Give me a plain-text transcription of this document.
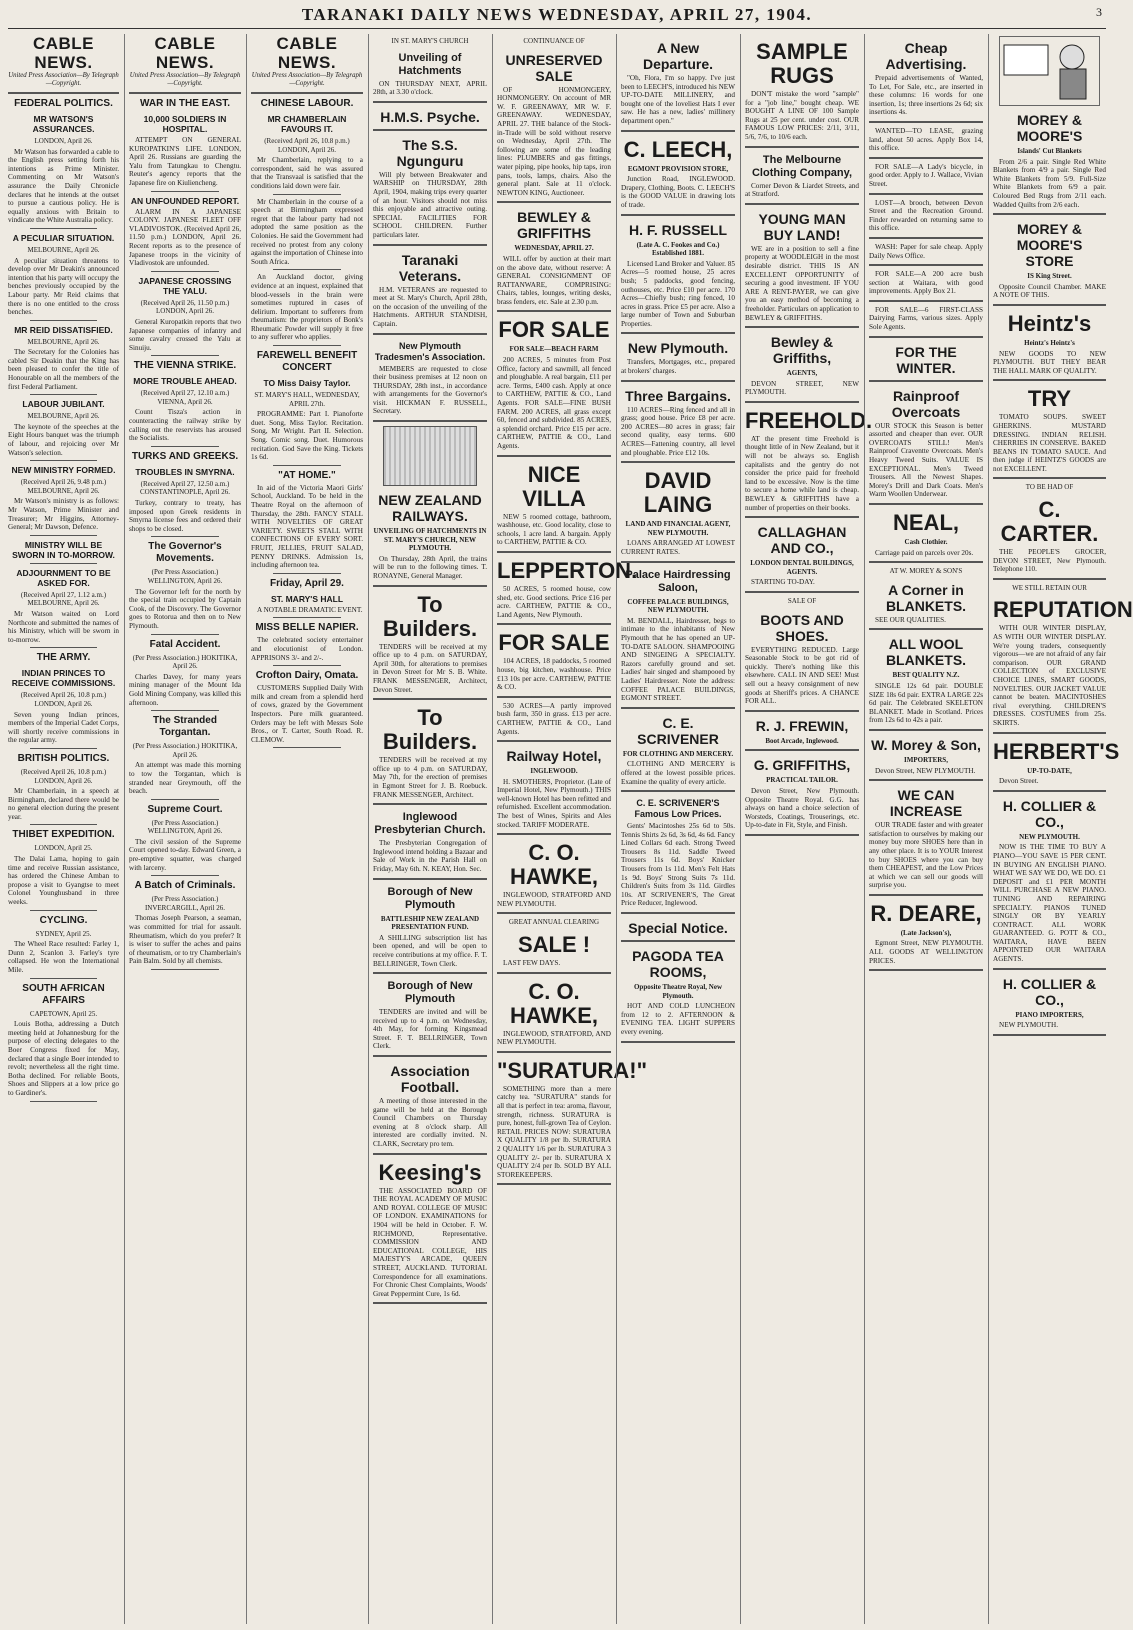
TARANAKI DAILY NEWS WEDNESDAY, APRIL 27, 1904.	3
CABLE NEWS.
United Press Association—By Telegraph—Copyright.
FEDERAL POLITICS.
MR WATSON'S ASSURANCES.
LONDON, April 26.
Mr Watson has forwarded a cable to the English press setting forth his intentions as Prime Minister. Commenting on Mr Watson's assurance the Daily Chronicle declares that he intends at the outset to pursue a cautious policy. He is equally anxious with Britain to vindicate the White Australia policy.
A PECULIAR SITUATION.
MELBOURNE, April 26.
A peculiar situation threatens to develop over Mr Deakin's announced intention that his party will occupy the benches previously occupied by the Labour party. Mr Reid claims that there is no one entitled to the cross benches.
MR REID DISSATISFIED.
MELBOURNE, April 26.
The Secretary for the Colonies has cabled Sir Deakin that the King has been pleased to confer the title of Honourable on all the members of the first Federal Parliament.
LABOUR JUBILANT.
MELBOURNE, April 26.
The keynote of the speeches at the Eight Hours banquet was the triumph of labour, and rejoicing over Mr Watson's selection.
NEW MINISTRY FORMED.
(Received April 26, 9.48 p.m.) MELBOURNE, April 26.
Mr Watson's ministry is as follows: Mr Watson, Prime Minister and Treasurer; Mr Higgins, Attorney-General; Mr Dawson, Defence.
MINISTRY WILL BE SWORN IN TO-MORROW.
ADJOURNMENT TO BE ASKED FOR.
(Received April 27, 1.12 a.m.) MELBOURNE, April 26.
Mr Watson waited on Lord Northcote and submitted the names of his Ministry, which will be sworn in to-morrow.
THE ARMY.
INDIAN PRINCES TO RECEIVE COMMISSIONS.
(Received April 26, 10.8 p.m.) LONDON, April 26.
Seven young Indian princes, members of the Imperial Cadet Corps, will shortly receive commissions in the regular army.
BRITISH POLITICS.
(Received April 26, 10.8 p.m.) LONDON, April 26.
Mr Chamberlain, in a speech at Birmingham, declared there would be no general election during the present year.
THIBET EXPEDITION.
LONDON, April 25.
The Dalai Lama, hoping to gain time and receive Russian assistance, has ordered the Chinese Amban to propose a visit to Gyangtse to meet Colonel Younghusband in three weeks.
CYCLING.
SYDNEY, April 25.
The Wheel Race resulted: Farley 1, Dunn 2, Scanlon 3. Farley's tyre collapsed. He won the International Mile.
SOUTH AFRICAN AFFAIRS
CAPETOWN, April 25.
Louis Botha, addressing a Dutch meeting held at Johannesburg for the purpose of electing delegates to the Boer Congress fixed for May, declared that a single Boer intended to revolt; nevertheless all the right time. Botha declined. For reliable Boots, Shoes and Slippers at a low price go to Gardiner's.
CABLE NEWS.
United Press Association—By Telegraph—Copyright.
WAR IN THE EAST.
10,000 SOLDIERS IN HOSPITAL.
ATTEMPT ON GENERAL KUROPATKIN'S LIFE. LONDON, April 26. Russians are guarding the Yalu from Tatungkau to Chengtu. Reuter's agency reports that the Japanese fire on Kiuliencheng.
AN UNFOUNDED REPORT.
ALARM IN A JAPANESE COLONY. JAPANESE FLEET OFF VLADIVOSTOK. (Received April 26, 11.50 p.m.) LONDON, April 26. Recent reports as to the presence of Japanese troops in the vicinity of Vladivostok are unfounded.
JAPANESE CROSSING THE YALU.
(Received April 26, 11.50 p.m.) LONDON, April 26.
General Kuropatkin reports that two Japanese companies of infantry and some cavalry crossed the Yalu at Sinuiju.
THE VIENNA STRIKE.
MORE TROUBLE AHEAD.
(Received April 27, 12.10 a.m.) VIENNA, April 26.
Count Tisza's action in counteracting the railway strike by calling out the reservists has aroused the Socialists.
TURKS AND GREEKS.
TROUBLES IN SMYRNA.
(Received April 27, 12.50 a.m.) CONSTANTINOPLE, April 26.
Turkey, contrary to treaty, has imposed upon Greek residents in Smyrna license fees and ordered their shops to be closed.
The Governor's Movements.
(Per Press Association.) WELLINGTON, April 26.
The Governor left for the north by the special train occupied by Captain Cook, of the Discovery. The Governor goes to Rotorua and then on to New Plymouth.
Fatal Accident.
(Per Press Association.) HOKITIKA, April 26.
Charles Davey, for many years mining manager of the Mount Ida Gold Mining Company, was killed this afternoon.
The Stranded Torgantan.
(Per Press Association.) HOKITIKA, April 26.
An attempt was made this morning to tow the Torgantan, which is stranded near Greymouth, off the beach.
Supreme Court.
(Per Press Association.) WELLINGTON, April 26.
The civil session of the Supreme Court opened to-day. Edward Green, a pre-emptive squatter, was charged with larceny.
A Batch of Criminals.
(Per Press Association.) INVERCARGILL, April 26.
Thomas Joseph Pearson, a seaman, was committed for trial for assault. Rheumatism, which do you prefer? It is wiser to suffer the aches and pains of rheumatism, or to try Chamberlain's Pain Balm. Sold by all chemists.
CABLE NEWS.
United Press Association—By Telegraph—Copyright.
CHINESE LABOUR.
MR CHAMBERLAIN FAVOURS IT.
(Received April 26, 10.8 p.m.) LONDON, April 26.
Mr Chamberlain, replying to a correspondent, said he was assured that the Transvaal is satisfied that the conditions laid down were fair.
Mr Chamberlain in the course of a speech at Birmingham expressed regret that the labour party had not adopted the same position as the Colonies. He said the Government had received no protest from any colony against the importation of Chinese into South Africa.
An Auckland doctor, giving evidence at an inquest, explained that blood-vessels in the brain were sometimes ruptured in cases of delirium. Important to sufferers from rheumatism: the proprietors of Bonk's Rheumatic Powder will supply it free to any sufferer who applies.
FAREWELL BENEFIT CONCERT
TO Miss Daisy Taylor.
ST. MARY'S HALL, WEDNESDAY, APRIL 27th.
PROGRAMME: Part I. Pianoforte duet. Song, Miss Taylor. Recitation. Song, Mr Wright. Part II. Selection. Song. Comic song. Duet. Humorous recitation. God Save the King. Tickets 1s 6d.
"AT HOME."
In aid of the Victoria Maori Girls' School, Auckland. To be held in the Theatre Royal on the afternoon of Thursday, the 28th. FANCY STALL WITH NOVELTIES OF GREAT VARIETY. SWEETS STALL WITH CONFECTIONS OF EVERY SORT. FRUIT, JELLIES, FRUIT SALAD, PENNY DRINKS. Admission 1s, including afternoon tea.
Friday, April 29.
ST. MARY'S HALL
A NOTABLE DRAMATIC EVENT.
MISS BELLE NAPIER.
The celebrated society entertainer and elocutionist of London. APPRISONS 3/- and 2/-.
Crofton Dairy, Omata.
CUSTOMERS Supplied Daily With milk and cream from a splendid herd of cows, grazed by the Government Inspectors. Pure milk guaranteed. Orders may be left with Messrs Sole Bros., or T. Carter, South Road. R. CLEMOW.
IN ST. MARY'S CHURCH
Unveiling of Hatchments
ON THURSDAY NEXT, APRIL 28th, at 3.30 o'clock.
H.M.S. Psyche.
The S.S. Ngunguru
Will ply between Breakwater and WARSHIP on THURSDAY, 28th April, 1904, making trips every quarter of an hour. Visitors should not miss this enjoyable and attractive outing. SPECIAL FACILITIES FOR SCHOOL CHILDREN. Further particulars later.
Taranaki Veterans.
H.M. VETERANS are requested to meet at St. Mary's Church, April 28th, on the occasion of the unveiling of the Hatchments. ARTHUR STANDISH, Captain.
New Plymouth Tradesmen's Association.
MEMBERS are requested to close their business premises at 12 noon on THURSDAY, 28th inst., in accordance with arrangements for the Governor's visit. HICKMAN F. RUSSELL, Secretary.
NEW ZEALAND RAILWAYS.
UNVEILING OF HATCHMENTS IN ST. MARY'S CHURCH, NEW PLYMOUTH.
On Thursday, 28th April, the trains will be run to the following times. T. RONAYNE, General Manager.
To Builders.
TENDERS will be received at my office up to 4 p.m. on SATURDAY, April 30th, for alterations to premises in Devon Street for Mr S. B. White. FRANK MESSENGER, Architect, Devon Street.
To Builders.
TENDERS will be received at my office up to 4 p.m. on SATURDAY, May 7th, for the erection of premises in Egmont Street for J. B. Roebuck. FRANK MESSENGER, Architect.
Inglewood Presbyterian Church.
The Presbyterian Congregation of Inglewood intend holding a Bazaar and Sale of Work in the Parish Hall on Friday, May 6th. N. KEAY, Hon. Sec.
Borough of New Plymouth
BATTLESHIP NEW ZEALAND PRESENTATION FUND.
A SHILLING subscription list has been opened, and will be open to receive contributions at my office. F. T. BELLRINGER, Town Clerk.
Borough of New Plymouth
TENDERS are invited and will be received up to 4 p.m. on Wednesday, 4th May, for forming Kingsmead Street. F. T. BELLRINGER, Town Clerk.
Association Football.
A meeting of those interested in the game will be held at the Borough Council Chambers on Thursday evening at 8 o'clock sharp. All interested are cordially invited. N. CLARK, Secretary pro tem.
Keesing's
THE ASSOCIATED BOARD OF THE ROYAL ACADEMY OF MUSIC AND ROYAL COLLEGE OF MUSIC OF LONDON. EXAMINATIONS for 1904 will be held in October. F. W. RICHMOND, Representative. COMMISSION AND EDUCATIONAL COLLEGE, HIS MAJESTY'S ARCADE, QUEEN STREET, AUCKLAND. TUTORIAL Correspondence for all examinations. For Chronic Chest Complaints, Woods' Great Peppermint Cure, 1s 6d.
CONTINUANCE OF
UNRESERVED SALE
OF HONMONGERY, HONMONGERY. On account of MR W. F. GREENAWAY, MR W. F. GREENAWAY. WEDNESDAY, APRIL 27. THE balance of the Stock-in-Trade will be sold without reserve on Wednesday, April 27th. The following are some of the leading lines: PLUMBERS and gas fittings, water piping, pipe hooks, hip taps, iron pans, tools, lamps, chairs. Also the general plant. Sale at 11 o'clock. NEWTON KING, Auctioneer.
BEWLEY & GRIFFITHS
WEDNESDAY, APRIL 27.
WILL offer by auction at their mart on the above date, without reserve: A GENERAL CONSIGNMENT OF RATTANWARE, COMPRISING: Chairs, tables, lounges, writing desks, brass fenders, etc. Sale at 2.30 p.m.
FOR SALE
FOR SALE—BEACH FARM
200 ACRES, 5 minutes from Post Office, factory and sawmill, all fenced and ploughable. A real bargain, £11 per acre. Terms, £400 cash. Apply at once to CARTHEW, PATTIE & CO., Land Agents. FOR SALE—FINE BUSH FARM. 200 ACRES, all grass except 60, fenced and subdivided. 85 ACRES, a splendid orchard. Price £15 per acre. CARTHEW, PATTIE & CO., Land Agents.
NICE VILLA
NEW 5 roomed cottage, bathroom, washhouse, etc. Good locality, close to schools, 1 acre land. A bargain. Apply to CARTHEW, PATTIE & CO.
LEPPERTON.
50 ACRES, 5 roomed house, cow shed, etc. Good sections. Price £16 per acre. CARTHEW, PATTIE & CO., Land Agents, New Plymouth.
FOR SALE
104 ACRES, 18 paddocks, 5 roomed house, big kitchen, washhouse. Price £13 10s per acre. CARTHEW, PATTIE & CO.
530 ACRES—A partly improved bush farm, 350 in grass. £13 per acre. CARTHEW, PATTIE & CO., Land Agents.
Railway Hotel,
INGLEWOOD.
H. SMOTHERS, Proprietor. (Late of Imperial Hotel, New Plymouth.) THIS well-known Hotel has been refitted and refurnished. Excellent accommodation. The best of Wines, Spirits and Ales stocked. TARIFF MODERATE.
C. O. HAWKE,
INGLEWOOD, STRATFORD AND NEW PLYMOUTH.
GREAT ANNUAL CLEARING
SALE !
LAST FEW DAYS.
C. O. HAWKE,
INGLEWOOD, STRATFORD, AND NEW PLYMOUTH.
"SURATURA!"
SOMETHING more than a mere catchy tea. "SURATURA" stands for all that is perfect in tea: aroma, flavour, strength, richness. SURATURA is pure, honest, full-grown Tea of Ceylon. RETAIL PRICES NOW: SURATURA X QUALITY 1/8 per lb. SURATURA 2 QUALITY 1/6 per lb. SURATURA 3 QUALITY 2/- per lb. SURATURA X QUALITY 2/4 per lb. SOLD BY ALL STOREKEEPERS.
A New Departure.
"Oh, Flora, I'm so happy. I've just been to LEECH'S, introduced his NEW UP-TO-DATE MILLINERY, and bought one of the loveliest Hats I ever saw. He has a new, ladies' millinery department open."
C. LEECH,
EGMONT PROVISION STORE,
Junction Road, INGLEWOOD. Drapery, Clothing, Boots. C. LEECH'S is the GOOD VALUE in drawing lots of trade.
H. F. RUSSELL
(Late A. C. Fookes and Co.) Established 1881.
Licensed Land Broker and Valuer. 85 Acres—5 roomed house, 25 acres bush; 5 paddocks, good fencing, outhouses, etc. Price £10 per acre. 170 Acres—Chiefly bush; ring fenced, 10 acres in grass. Price £5 per acre. Also a large number of Town and Suburban Properties.
New Plymouth.
Transfers, Mortgages, etc., prepared at brokers' charges.
Three Bargains.
110 ACRES—Ring fenced and all in grass; good house. Price £8 per acre. 200 ACRES—80 acres in grass; fair second quality, easy terms. 600 ACRES—Fattening country, all level and ploughable. Price £12 10s.
DAVID LAING
LAND AND FINANCIAL AGENT, NEW PLYMOUTH.
LOANS ARRANGED AT LOWEST CURRENT RATES.
Palace Hairdressing Saloon,
COFFEE PALACE BUILDINGS, NEW PLYMOUTH.
M. BENDALL, Hairdresser, begs to intimate to the inhabitants of New Plymouth that he has opened an UP-TO-DATE SALOON. SHAMPOOING AND SINGEING A SPECIALTY. Razors carefully ground and set. Ladies' hair singed and shampooed by Ladies' Hairdresser. Note the address: COFFEE PALACE BUILDINGS, EGMONT STREET.
C. E. SCRIVENER
FOR CLOTHING AND MERCERY.
CLOTHING AND MERCERY is offered at the lowest possible prices. Examine the quality of every article.
C. E. SCRIVENER'S Famous Low Prices.
Gents' Macintoshes 25s 6d to 50s. Tennis Shirts 2s 6d, 3s 6d, 4s 6d. Fancy Lined Collars 6d each. Strong Tweed Trousers 8s 11d. Saddle Tweed Trousers 11s 6d. Boys' Knicker Trousers from 1s 11d. Men's Felt Hats 1s 9d. Boys' Strong Suits 7s 11d. Children's Suits from 3s 11d. Girdles 10s. AT SCRIVENER'S, The Great Price Reducer, Inglewood.
Special Notice.
PAGODA TEA ROOMS,
Opposite Theatre Royal, New Plymouth.
HOT AND COLD LUNCHEON from 12 to 2. AFTERNOON & EVENING TEA. LIGHT SUPPERS every evening.
SAMPLE RUGS
DON'T mistake the word "sample" for a "job line," bought cheap. WE BOUGHT A LINE OF 100 Sample Rugs at 25 per cent. under cost. OUR FAMOUS LOW PRICES: 2/11, 3/11, 5/6, 7/6, to 10/6 each.
The Melbourne Clothing Company,
Corner Devon & Liardet Streets, and at Stratford.
YOUNG MAN BUY LAND!
WE are in a position to sell a fine property at WOODLEIGH in the most desirable district. THIS IS AN EXCELLENT OPPORTUNITY of securing a good investment. IF YOU ARE A RENT-PAYER, we can give you an easy method of becoming a freeholder. Particulars on application to BEWLEY & GRIFFITHS.
Bewley & Griffiths,
AGENTS,
DEVON STREET, NEW PLYMOUTH.
FREEHOLD.
AT the present time Freehold is thought little of in New Zealand, but it will not be always so. English capitalists and the gentry do not consider the price paid for freehold land to be excessive. Now is the time to secure a home while land is cheap. BEWLEY & GRIFFITHS have a number of properties on their books.
CALLAGHAN AND CO.,
LONDON DENTAL BUILDINGS, AGENTS.
STARTING TO-DAY.
SALE OF
BOOTS AND SHOES.
EVERYTHING REDUCED. Large Seasonable Stock to be got rid of quickly. There's nothing like this elsewhere. CALL IN AND SEE! Must sell out a heavy consignment of new goods at Sheriff's prices. A CHANCE FOR ALL.
R. J. FREWIN,
Boot Arcade, Inglewood.
G. GRIFFITHS,
PRACTICAL TAILOR.
Devon Street, New Plymouth. Opposite Theatre Royal. G.G. has always on hand a choice selection of Worsteds, Coatings, Trouserings, etc. Up-to-date in Fit, Style, and Finish.
Cheap Advertising.
Prepaid advertisements of Wanted, To Let, For Sale, etc., are inserted in these columns: 16 words for one insertion, 1s; three insertions 2s 6d; six insertions 4s.
WANTED—TO LEASE, grazing land, about 50 acres. Apply Box 14, this office.
FOR SALE—A Lady's bicycle, in good order. Apply to J. Wallace, Vivian Street.
LOST—A brooch, between Devon Street and the Recreation Ground. Finder rewarded on returning same to this office.
WASH: Paper for sale cheap. Apply Daily News Office.
FOR SALE—A 200 acre bush section at Waitara, with good improvements. Apply Box 21.
FOR SALE—6 FIRST-CLASS Dairying Farms, various sizes. Apply Sole Agents.
FOR THE WINTER.
Rainproof Overcoats
OUR STOCK this Season is better assorted and cheaper than ever. OUR OVERCOATS STILL! Men's Rainproof Craventte Overcoats. Men's Heavy Tweed Suits. VALUE IS EXCEPTIONAL. Men's Tweed Trousers. All the Newest Shapes. Morey's Drill and Dark Coats. Men's Warm Woollen Underwear.
NEAL,
Cash Clothier.
Carriage paid on parcels over 20s.
AT W. MOREY & SON'S
A Corner in BLANKETS.
SEE OUR QUALITIES.
ALL WOOL BLANKETS.
BEST QUALITY N.Z.
SINGLE 12s 6d pair. DOUBLE SIZE 18s 6d pair. EXTRA LARGE 22s 6d pair. The Celebrated SKELETON BLANKET. Made in Scotland. Prices from 12s 6d to 42s a pair.
W. Morey & Son,
IMPORTERS,
Devon Street, NEW PLYMOUTH.
WE CAN INCREASE
OUR TRADE faster and with greater satisfaction to ourselves by making our money buy more SHOES here than in any other place. It is to YOUR Interest to buy SHOES where you can buy them CHEAPEST, and the Low Prices at which we can sell our goods will surprise you.
R. DEARE,
(Late Jackson's),
Egmont Street, NEW PLYMOUTH. ALL GOODS AT WELLINGTON PRICES.
MOREY & MOORE'S
Islands' Cut Blankets
From 2/6 a pair. Single Red White Blankets from 4/9 a pair. Single Red White Blankets from 5/9. Full-Size White Blankets from 6/9 a pair. Coloured Bed Rugs from 2/11 each. Wadded Quilts from 2/6 each.
MOREY & MOORE'S STORE
IS King Street.
Opposite Council Chamber. MAKE A NOTE OF THIS.
Heintz's
Heintz's Heintz's
NEW GOODS TO NEW PLYMOUTH. BUT THEY BEAR THE HALL MARK OF QUALITY.
TRY
TOMATO SOUPS. SWEET GHERKINS. MUSTARD DRESSING. INDIAN RELISH. CHERRIES IN CONSERVE. BAKED BEANS IN TOMATO SAUCE. And then judge if HEINTZ'S GOODS are not EXCELLENT.
TO BE HAD OF
C. CARTER.
THE PEOPLE'S GROCER, DEVON STREET, New Plymouth. Telephone 110.
WE STILL RETAIN OUR
REPUTATION
WITH OUR WINTER DISPLAY, AS WITH OUR WINTER DISPLAY. We're young traders, consequently vigorous—we are not afraid of any fair comparison. OUR GRAND COLLECTION of EXCLUSIVE CHOICE LINES, SMART GOODS, NOVELTIES. OUR JACKET VALUE cannot be beaten. MACINTOSHES rival everything. CHILDREN'S DRESSES. COSTUMES from 25s. SKIRTS.
HERBERT'S
UP-TO-DATE,
Devon Street.
H. COLLIER & CO.,
NEW PLYMOUTH.
NOW IS THE TIME TO BUY A PIANO—YOU SAVE 15 PER CENT. IN BUYING AN ENGLISH PIANO. WHAT WE SAY WE DO, WE DO. £1 DEPOSIT and £1 PER MONTH WILL PURCHASE A NEW PIANO. TUNING AND REPAIRING SPECIALTY. PIANOS TUNED SINGLY OR BY YEARLY CONTRACT. ALL WORK GUARANTEED. G. POTT & CO., WAITARA, HAVE BEEN APPOINTED OUR WAITARA AGENTS.
H. COLLIER & CO.,
PIANO IMPORTERS,
NEW PLYMOUTH.
